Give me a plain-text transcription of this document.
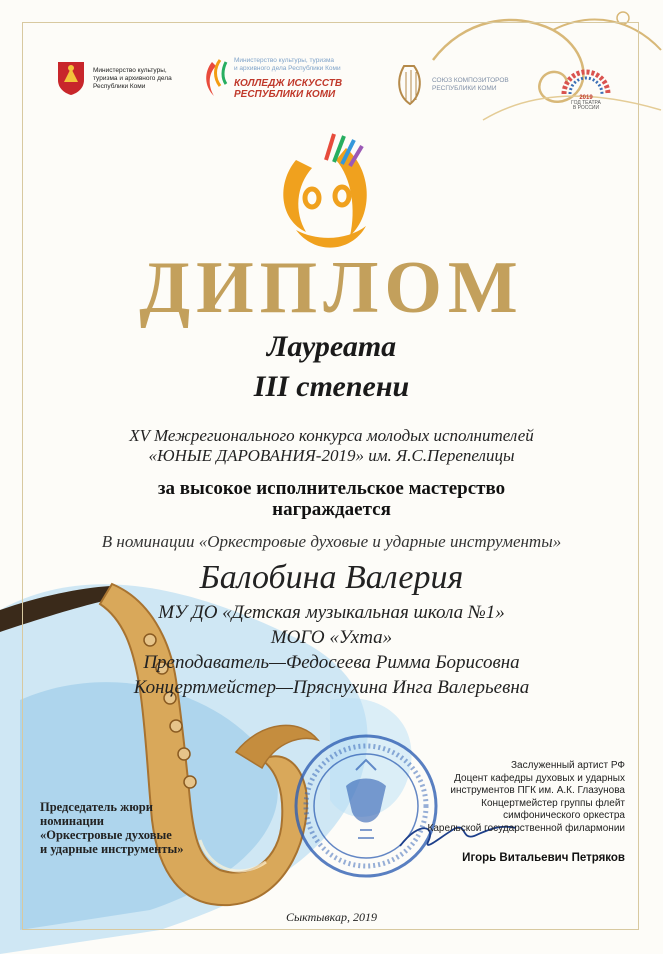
Министерство культуры,
туризма и архивного дела
Республики Коми
Министерство культуры, туризма
и архивного дела Республики Коми
КОЛЛЕДЖ ИСКУССТВ
РЕСПУБЛИКИ КОМИ
СОЮЗ КОМПОЗИТОРОВ
РЕСПУБЛИКИ КОМИ
2019
ГОД ТЕАТРА
В РОССИИ
ДИПЛОМ
Лауреата
III степени
XV Межрегионального конкурса молодых исполнителей
«ЮНЫЕ ДАРОВАНИЯ-2019» им. Я.С.Перепелицы
за высокое исполнительское мастерство
награждается
В номинации «Оркестровые духовые и ударные инструменты»
Балобина Валерия
МУ ДО «Детская музыкальная школа №1»
МОГО «Ухта»
Преподаватель—Федосеева Римма Борисовна
Концертмейстер—Пряснухина Инга Валерьевна
Председатель жюри
номинации
«Оркестровые духовые
и ударные инструменты»
Заслуженный артист РФ
Доцент кафедры духовых и ударных
инструментов ПГК им. А.К. Глазунова
Концертмейстер группы флейт
симфонического оркестра
Карельской государственной филармонии
Игорь Витальевич Петряков
Сыктывкар, 2019
